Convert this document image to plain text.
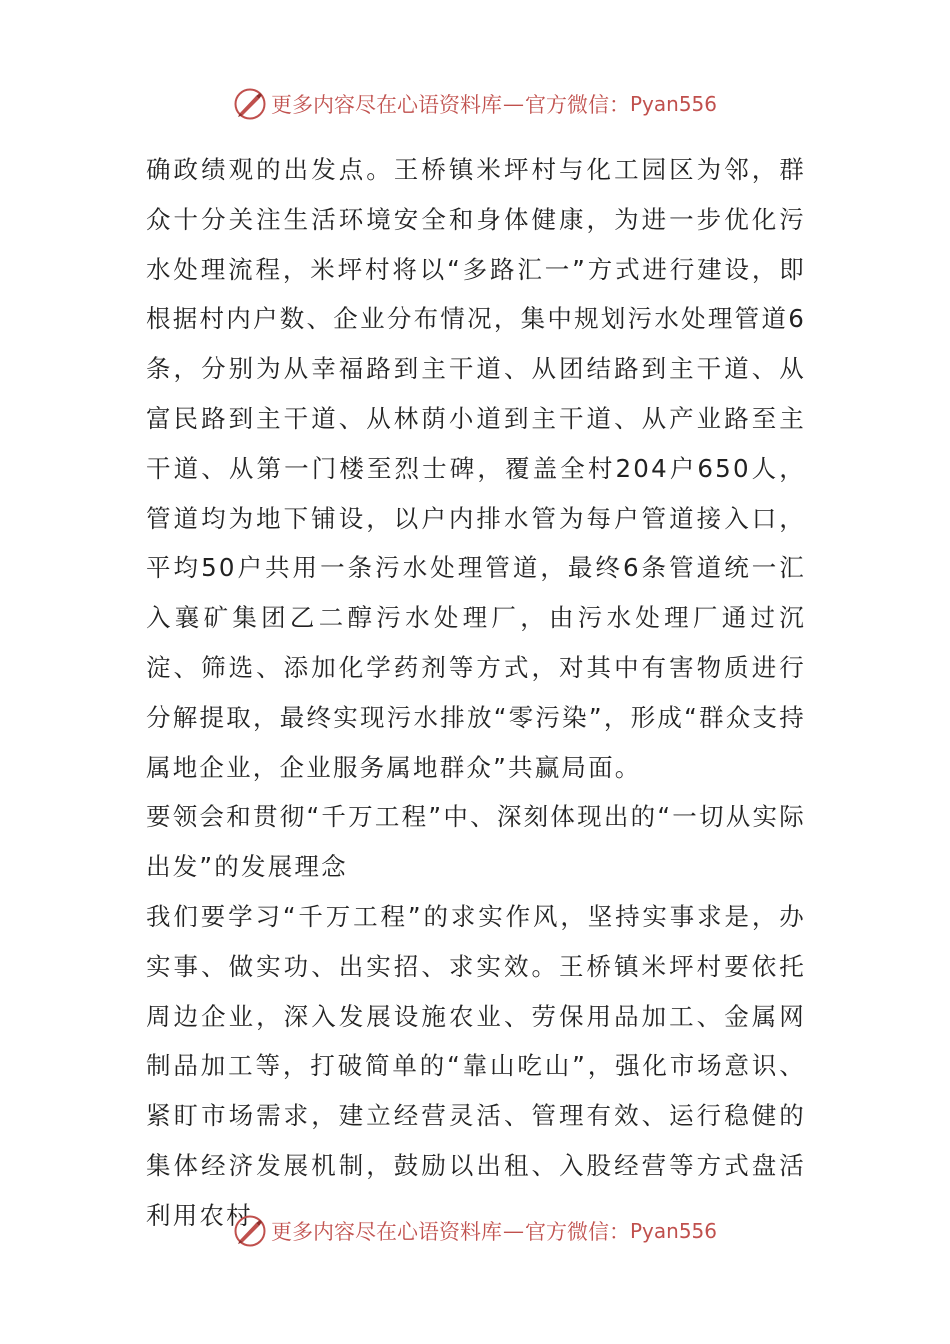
更多内容尽在心语资料库 — 官方微信： Pyan556

确政绩观的出发点。王桥镇米坪村与化工园区为邻，群众十分关注生活环境安全和身体健康，为进一步优化污水处理流程，米坪村将以“多路汇一”方式进行建设，即根据村内户数、企业分布情况，集中规划污水处理管道6条，分别为从幸福路到主干道、从团结路到主干道、从富民路到主干道、从林荫小道到主干道、从产业路至主干道、从第一门楼至烈士碑，覆盖全村204户650人，管道均为地下铺设，以户内排水管为每户管道接入口，平均50户共用一条污水处理管道，最终6条管道统一汇入襄矿集团乙二醇污水处理厂，由污水处理厂通过沉淀、筛选、添加化学药剂等方式，对其中有害物质进行分解提取，最终实现污水排放“零污染”，形成“群众支持属地企业，企业服务属地群众”共赢局面。

要领会和贯彻“千万工程”中、深刻体现出的“一切从实际出发”的发展理念

我们要学习“千万工程”的求实作风，坚持实事求是，办实事、做实功、出实招、求实效。王桥镇米坪村要依托周边企业，深入发展设施农业、劳保用品加工、金属网制品加工等，打破简单的“靠山吃山”，强化市场意识、紧盯市场需求，建立经营灵活、管理有效、运行稳健的集体经济发展机制，鼓励以出租、入股经营等方式盘活利用农村

更多内容尽在心语资料库 — 官方微信： Pyan556
